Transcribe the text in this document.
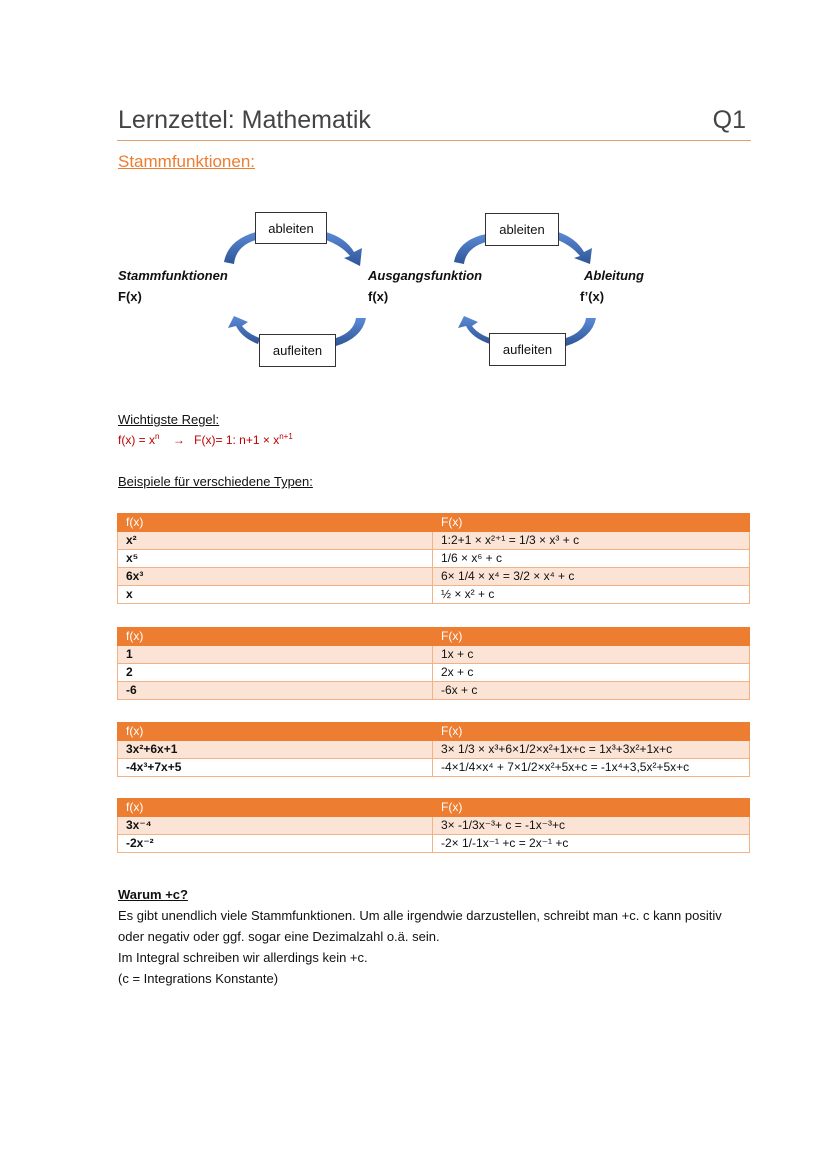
Lernzettel: Mathematik	Q1
Stammfunktionen:
ableiten
aufleiten
ableiten
aufleiten
Stammfunktionen
F(x)
Ausgangsfunktion
f(x)
Ableitung
f’(x)
Wichtigste Regel:
$f(x) = x^n \to F(x)= 1$: $n+1 \times x^{n+1}$
Beispiele für verschiedene Typen:
f(x)	F(x)
x²	1:2+1 × x²⁺¹ = 1/3 × x³ + c
x⁵	1/6 × x⁶ + c
6x³	6× 1/4 × x⁴ = 3/2 × x⁴ + c
x	½ × x² + c
f(x)	F(x)
1	1x + c
2	2x + c
-6	-6x + c
f(x)	F(x)
3x²+6x+1	3× 1/3 × x³+6×1/2×x²+1x+c = 1x³+3x²+1x+c
-4x³+7x+5	-4×1/4×x⁴ + 7×1/2×x²+5x+c = -1x⁴+3,5x²+5x+c
f(x)	F(x)
3x⁻⁴	3× -1/3x⁻³+ c = -1x⁻³+c
-2x⁻²	-2× 1/-1x⁻¹ +c = 2x⁻¹ +c
Warum +c?
Es gibt unendlich viele Stammfunktionen. Um alle irgendwie darzustellen, schreibt man +c. c kann positiv
oder negativ oder ggf. sogar eine Dezimalzahl o.ä. sein.
Im Integral schreiben wir allerdings kein +c.
(c = Integrations Konstante)
